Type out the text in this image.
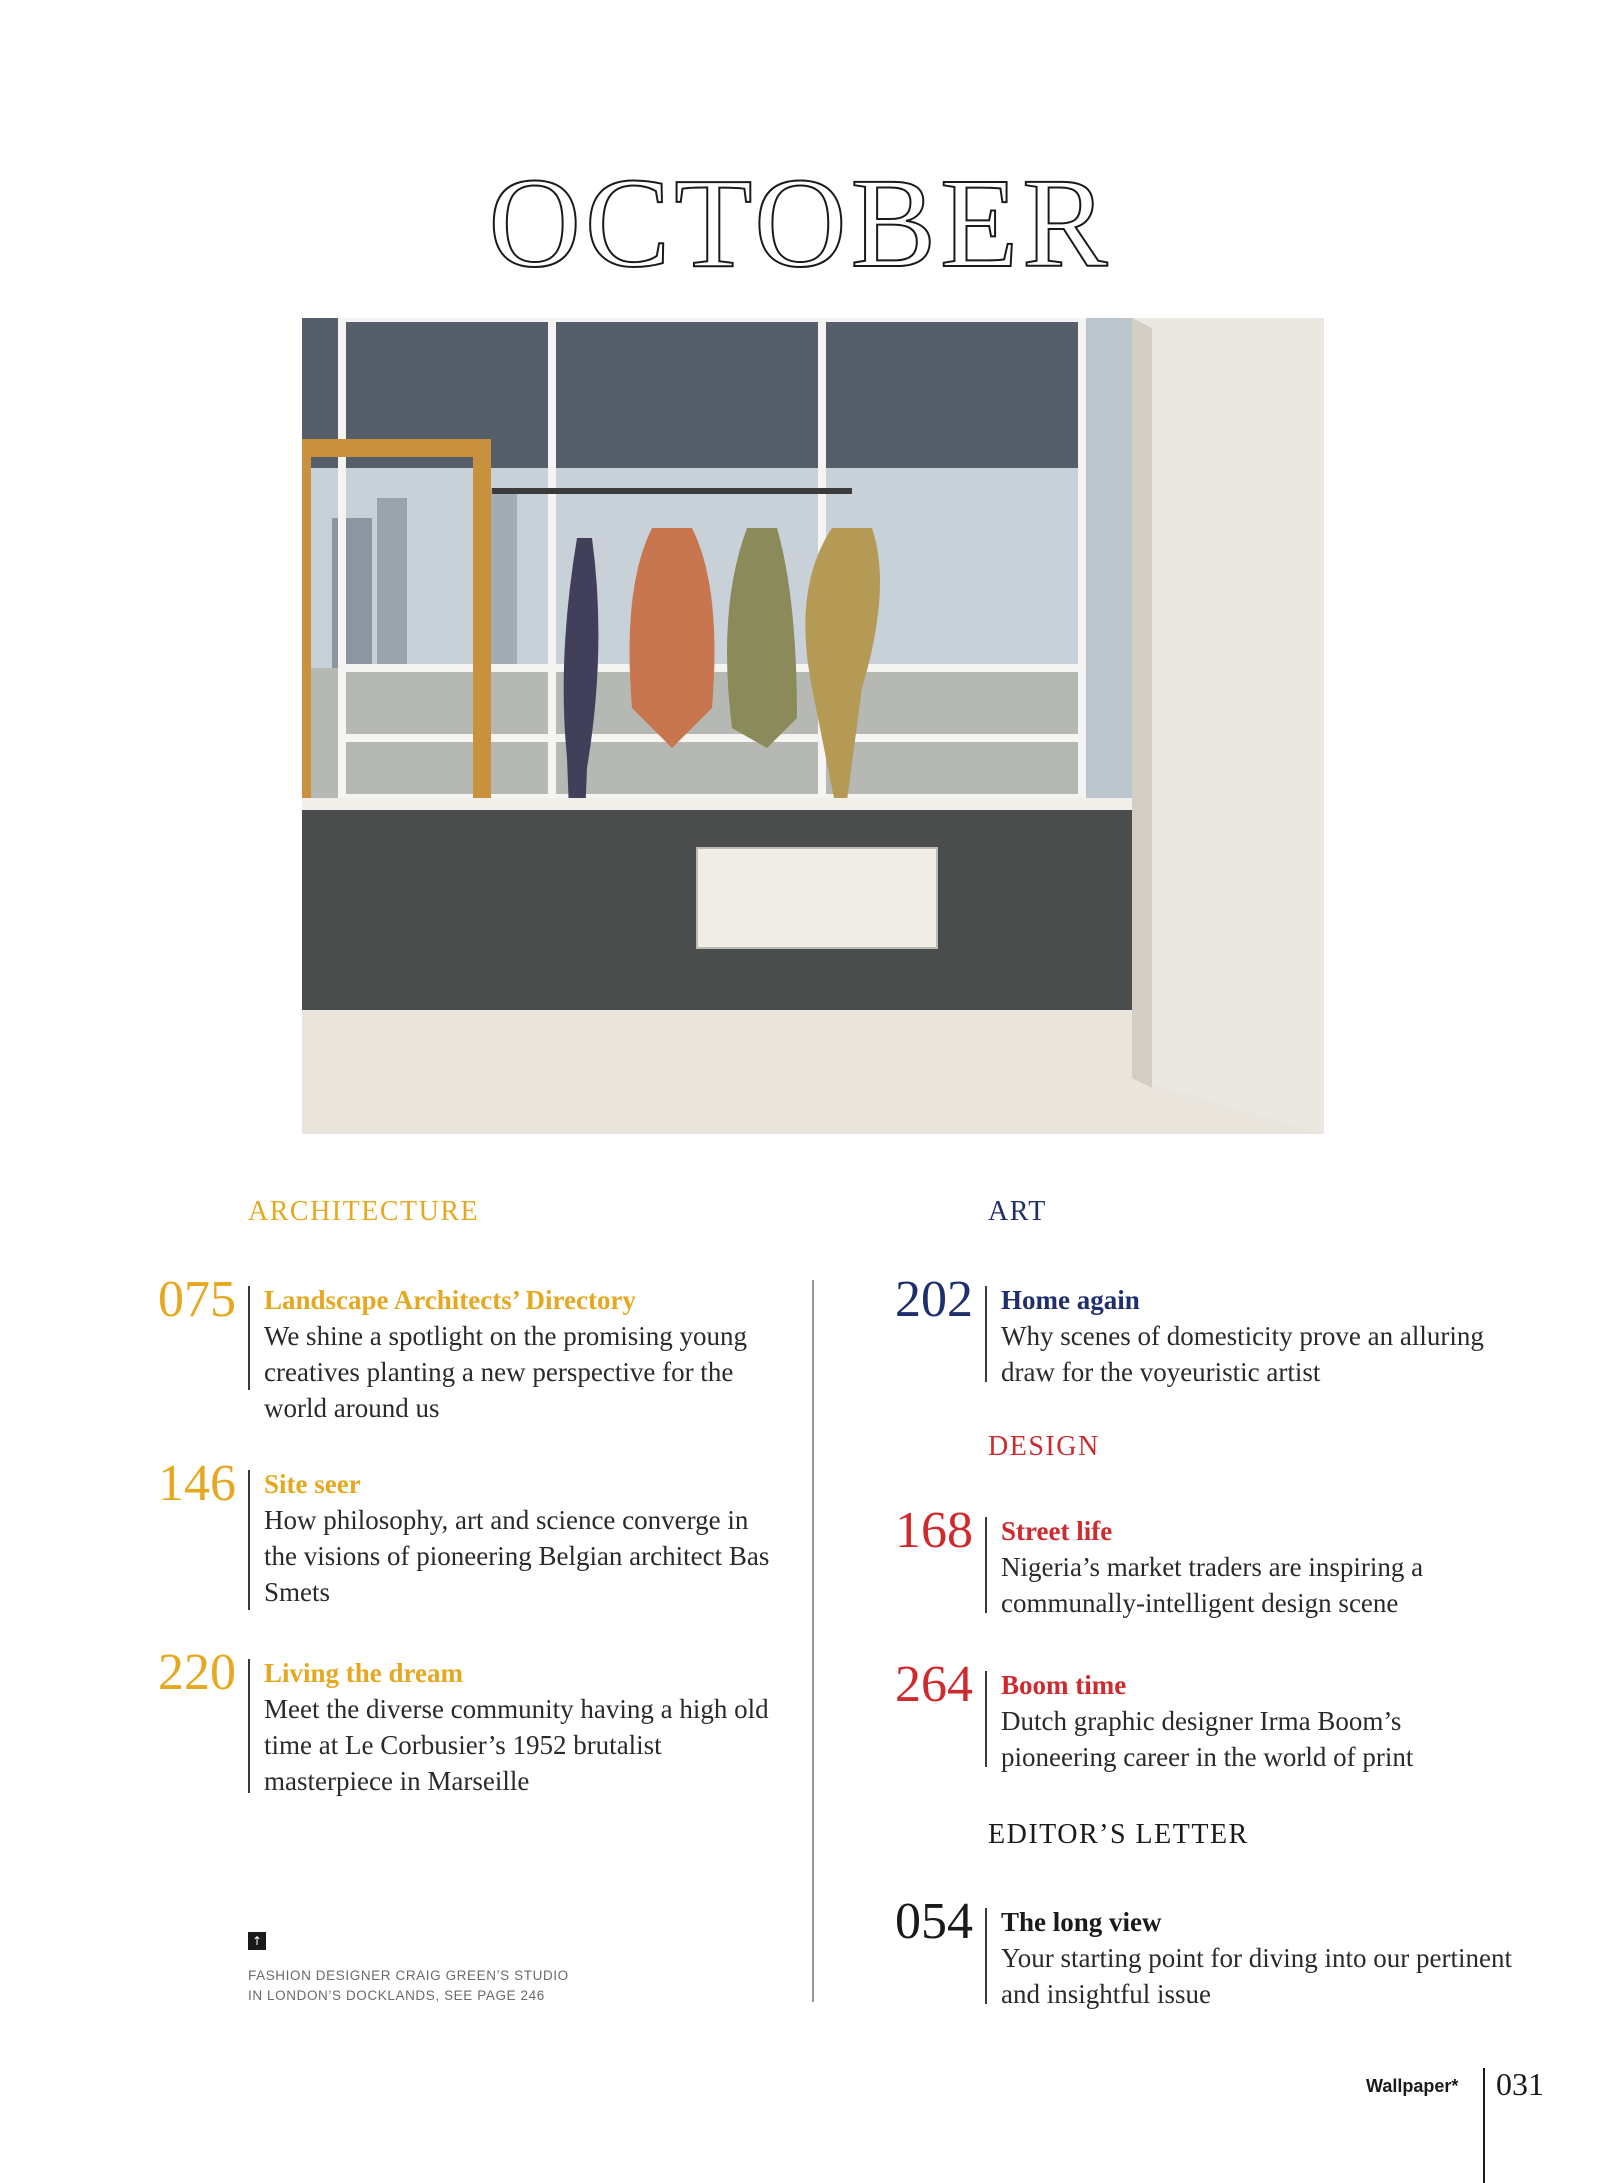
OCTOBER
ARCHITECTURE
075 Landscape Architects’ Directory

We shine a spotlight on the promising young creatives planting a new perspective for the world around us

146 Site seer

How philosophy, art and science converge in the visions of pioneering Belgian architect Bas Smets

220 Living the dream

Meet the diverse community having a high old time at Le Corbusier’s 1952 brutalist masterpiece in Marseille

ART
202 Home again

Why scenes of domesticity prove an alluring draw for the voyeuristic artist

DESIGN
168 Street life

Nigeria’s market traders are inspiring a communally-intelligent design scene

264 Boom time

Dutch graphic designer Irma Boom’s pioneering career in the world of print

EDITOR’S LETTER
054 The long view

Your starting point for diving into our pertinent and insightful issue

↑

FASHION DESIGNER CRAIG GREEN’S STUDIO
IN LONDON’S DOCKLANDS, SEE PAGE 246

Wallpaper* 031
